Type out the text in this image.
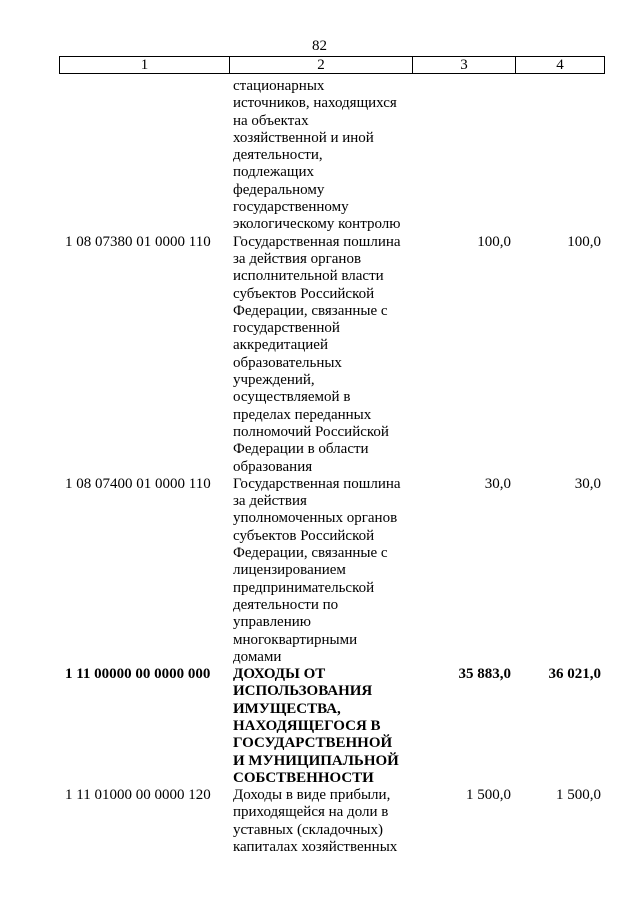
82
1	2	3	4
стационарных
источников, находящихся
на объектах
хозяйственной и иной
деятельности,
подлежащих
федеральному
государственному
экологическому контролю
1 08 07380 01 0000 110	Государственная пошлина
за действия органов
исполнительной власти
субъектов Российской
Федерации, связанные с
государственной
аккредитацией
образовательных
учреждений,
осуществляемой в
пределах переданных
полномочий Российской
Федерации в области
образования
100,0	100,0
1 08 07400 01 0000 110	Государственная пошлина
за действия
уполномоченных органов
субъектов Российской
Федерации, связанные с
лицензированием
предпринимательской
деятельности по
управлению
многоквартирными
домами
30,0	30,0
1 11 00000 00 0000 000	ДОХОДЫ ОТ
ИСПОЛЬЗОВАНИЯ
ИМУЩЕСТВА,
НАХОДЯЩЕГОСЯ В
ГОСУДАРСТВЕННОЙ
И МУНИЦИПАЛЬНОЙ
СОБСТВЕННОСТИ
35 883,0	36 021,0
1 11 01000 00 0000 120	Доходы в виде прибыли,
приходящейся на доли в
уставных (складочных)
капиталах хозяйственных
1 500,0	1 500,0
